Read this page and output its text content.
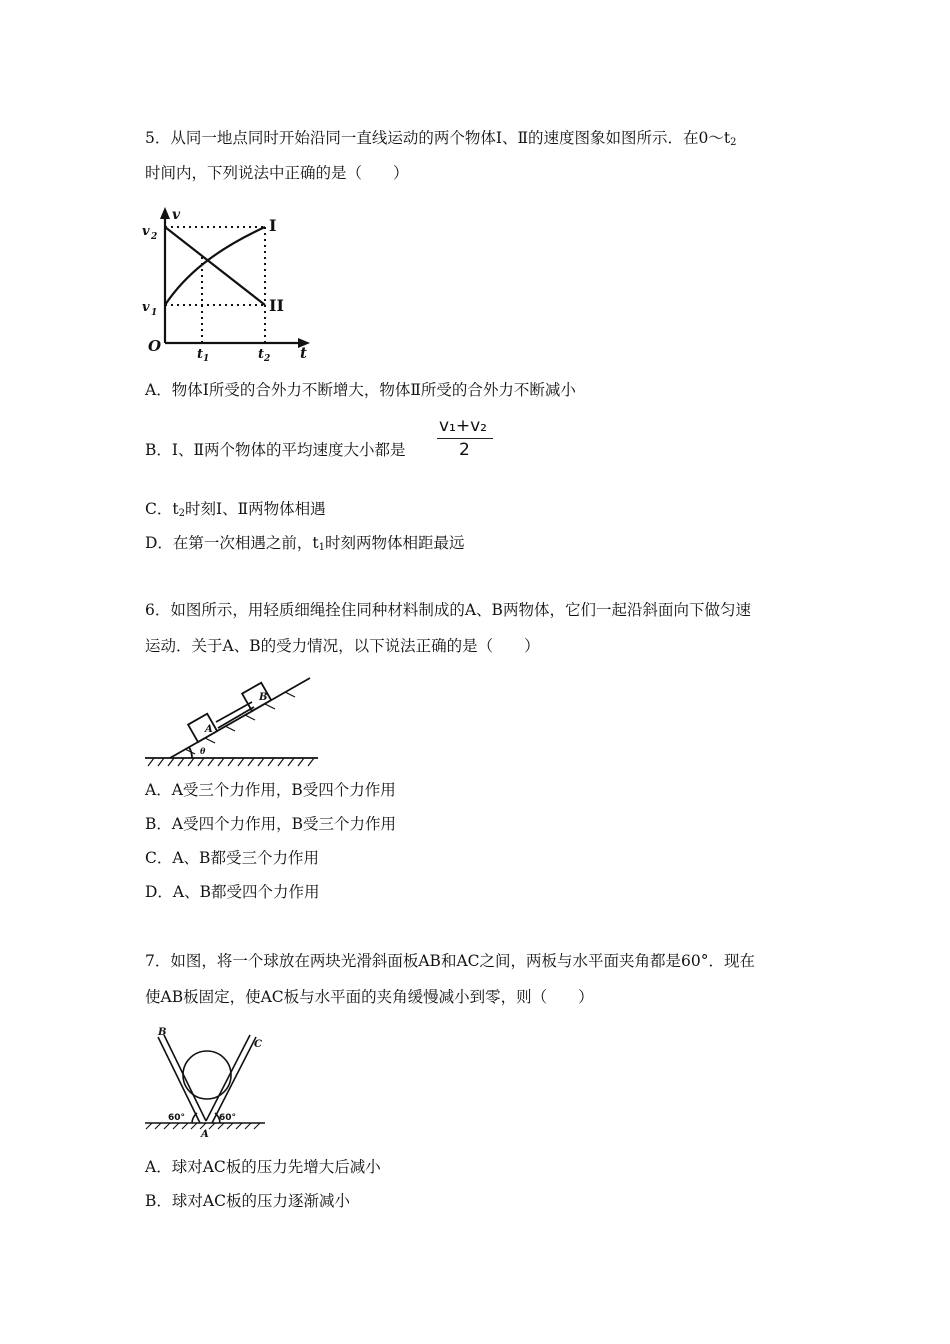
5．从同一地点同时开始沿同一直线运动的两个物体Ⅰ、Ⅱ的速度图象如图所示．在$0\sim t_2$
时间内，下列说法中正确的是（　　）
v
v
v
O	t	t t
2
1
1	2
I
II
A．物体Ⅰ所受的合外力不断增大，物体Ⅱ所受的合外力不断减小
B．Ⅰ、Ⅱ两个物体的平均速度大小都是
v₁+v₂
2
C．$t_2$时刻Ⅰ、Ⅱ两物体相遇
D．在第一次相遇之前，$t_1$时刻两物体相距最远
6．如图所示，用轻质细绳拴住同种材料制成的A、B两物体，它们一起沿斜面向下做匀速
运动．关于A、B的受力情况，以下说法正确的是（　　）
A
B
θ
A．A受三个力作用，B受四个力作用
B．A受四个力作用，B受三个力作用
C．A、B都受三个力作用
D．A、B都受四个力作用
7．如图，将一个球放在两块光滑斜面板AB和AC之间，两板与水平面夹角都是60°．现在
使AB板固定，使AC板与水平面的夹角缓慢减小到零，则（　　）
B
C
A
60°	60°
A．球对AC板的压力先增大后减小
B．球对AC板的压力逐渐减小
